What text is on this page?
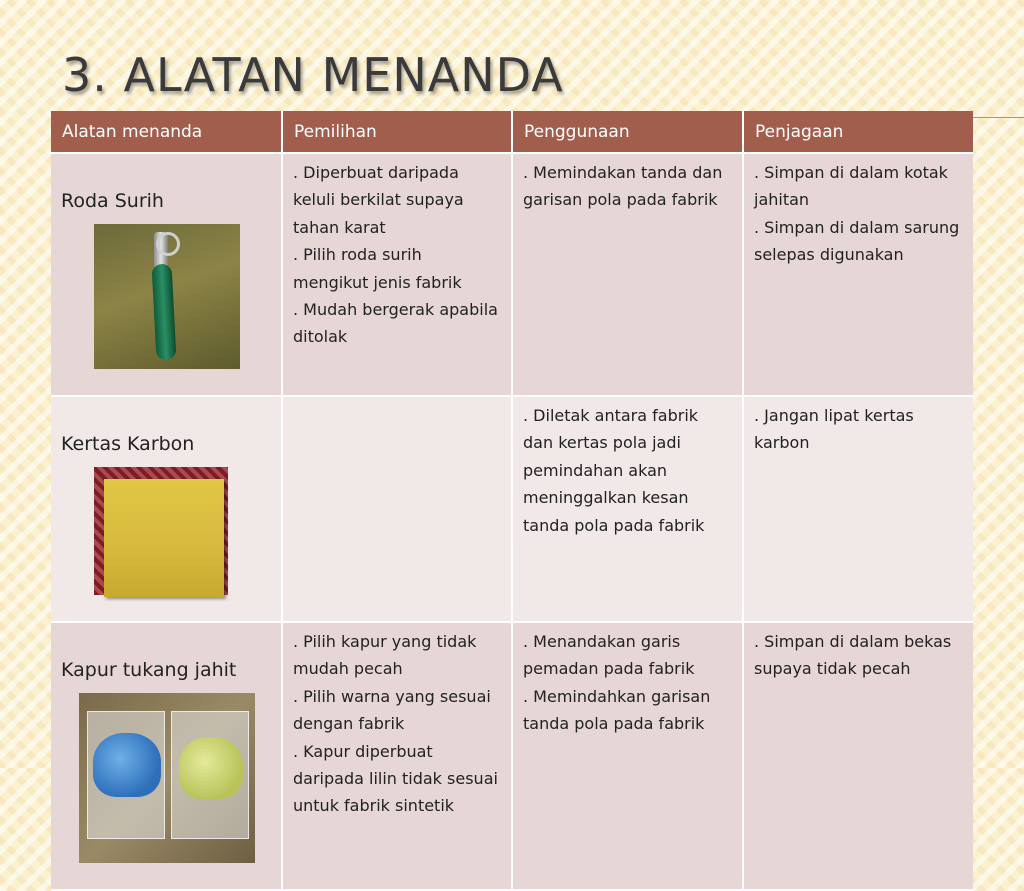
3. ALATAN MENANDA
Alatan menanda	Pemilihan	Penggunaan	Penjagaan

Roda Surih	. Diperbuat daripada keluli berkilat supaya tahan karat
. Pilih roda surih mengikut jenis fabrik
. Mudah bergerak apabila ditolak	. Memindakan tanda dan garisan pola pada fabrik	. Simpan di dalam kotak jahitan
. Simpan di dalam sarung selepas digunakan

Kertas Karbon		. Diletak antara fabrik dan kertas pola jadi pemindahan akan meninggalkan kesan tanda pola pada fabrik	. Jangan lipat kertas karbon

Kapur tukang jahit	. Pilih kapur yang tidak mudah pecah
. Pilih warna yang sesuai dengan fabrik
. Kapur diperbuat daripada lilin tidak sesuai untuk fabrik sintetik	. Menandakan garis pemadan pada fabrik
. Memindahkan garisan tanda pola pada fabrik	. Simpan di dalam bekas supaya tidak pecah
